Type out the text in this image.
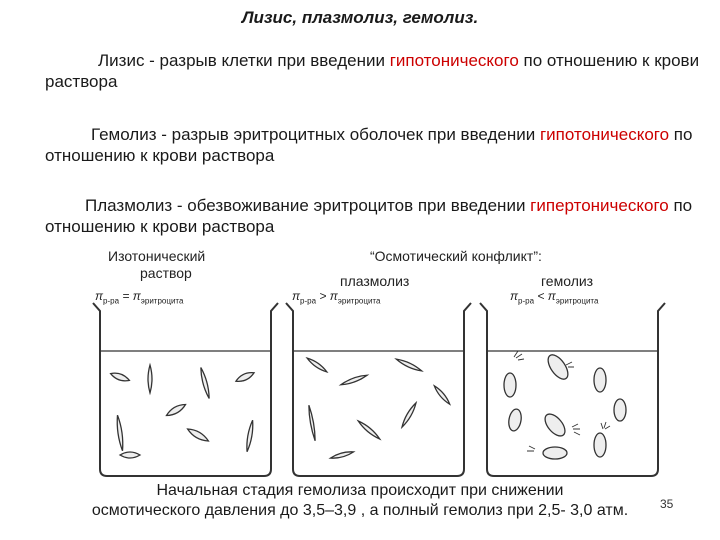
Лизис, плазмолиз, гемолиз.
Лизис - разрыв клетки при введении гипотонического по отношению к крови раствора
Гемолиз - разрыв эритроцитных оболочек при введении гипотонического по отношению к крови раствора
Плазмолиз - обезвоживание эритроцитов при введении гипертонического по отношению к крови раствора
Изотонический
раствор
“Осмотический конфликт”:
плазмолиз	гемолиз
$\pi_{р-ра} = \pi_{эритроцита}$	$\pi_{р-ра} > \pi_{эритроцита}$	$\pi_{р-ра} < \pi_{эритроцита}$
Начальная стадия гемолиза происходит при снижении
осмотического давления до 3,5–3,9 , а полный гемолиз при 2,5- 3,0 атм.	35
